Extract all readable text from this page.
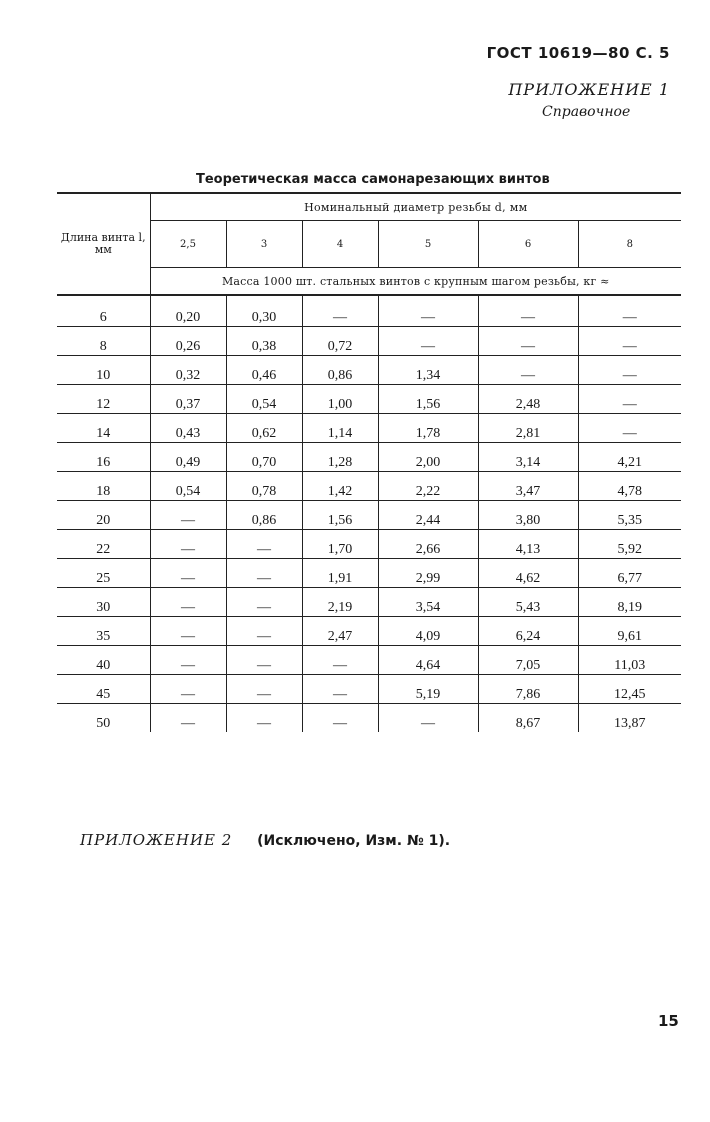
ГОСТ 10619—80 С. 5
ПРИЛОЖЕНИЕ 1
Справочное
Теоретическая масса самонарезающих винтов
Длина винта l, мм	Номинальный диаметр резьбы d, мм					
	2,5	3	4	5	6	8
	Масса 1000 шт. стальных винтов с крупным шагом резьбы, кг ≈					
6	0,20	0,30	—	—	—	—
8	0,26	0,38	0,72	—	—	—
10	0,32	0,46	0,86	1,34	—	—
12	0,37	0,54	1,00	1,56	2,48	—
14	0,43	0,62	1,14	1,78	2,81	—
16	0,49	0,70	1,28	2,00	3,14	4,21
18	0,54	0,78	1,42	2,22	3,47	4,78
20	—	0,86	1,56	2,44	3,80	5,35
22	—	—	1,70	2,66	4,13	5,92
25	—	—	1,91	2,99	4,62	6,77
30	—	—	2,19	3,54	5,43	8,19
35	—	—	2,47	4,09	6,24	9,61
40	—	—	—	4,64	7,05	11,03
45	—	—	—	5,19	7,86	12,45
50	—	—	—	—	8,67	13,87
ПРИЛОЖЕНИЕ 2 (Исключено, Изм. № 1).
15
